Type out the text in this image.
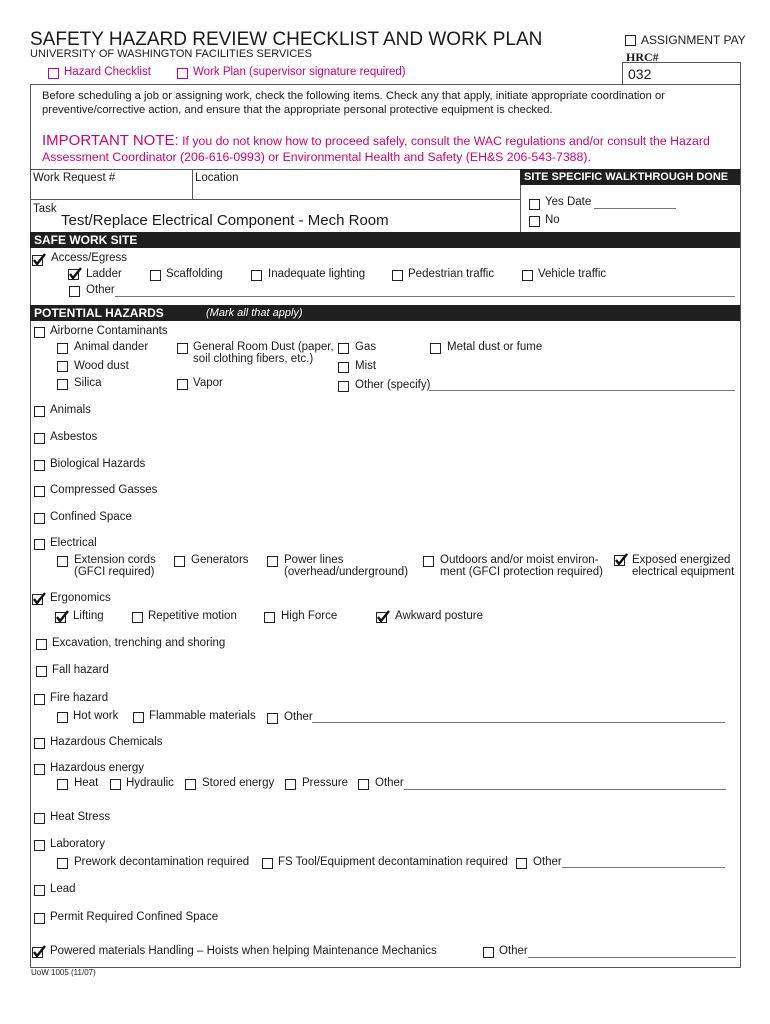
SAFETY HAZARD REVIEW CHECKLIST AND WORK PLAN
UNIVERSITY OF WASHINGTON FACILITIES SERVICES
ASSIGNMENT PAY
HRC#
032
Hazard Checklist	Work Plan (supervisor signature required)
Before scheduling a job or assigning work, check the following items. Check any that apply, initiate appropriate coordination or
preventive/corrective action, and ensure that the appropriate personal protective equipment is checked.
IMPORTANT NOTE: If you do not know how to proceed safely, consult the WAC regulations and/or consult the Hazard
Assessment Coordinator (206-616-0993) or Environmental Health and Safety (EH&S 206-543-7388).
Work Request #	Location	SITE SPECIFIC WALKTHROUGH DONE
Task
Test/Replace Electrical Component - Mech Room
Yes Date
No
SAFE WORK SITE
Access/Egress
Ladder	Scaffolding	Inadequate lighting	Pedestrian traffic	Vehicle traffic
Other
POTENTIAL HAZARDS	(Mark all that apply)
Airborne Contaminants
Animal dander	General Room Dust (paper,
soil clothing fibers, etc.)
Gas	Metal dust or fume
Wood dust	Mist
Silica	Vapor	Other (specify)
Animals
Asbestos
Biological Hazards
Compressed Gasses
Confined Space
Electrical
Extension cords
(GFCI required)
Generators	Power lines
(overhead/underground)
Outdoors and/or moist environ-
ment (GFCI protection required)
Exposed energized
electrical equipment
Ergonomics
Lifting	Repetitive motion	High Force	Awkward posture
Excavation, trenching and shoring
Fall hazard
Fire hazard
Hot work	Flammable materials Other
Hazardous Chemicals
Hazardous energy
Heat Hydraulic Stored energy Pressure Other
Heat Stress
Laboratory
Prework decontamination required	FS Tool/Equipment decontamination required Other
Lead
Permit Required Confined Space
Powered materials Handling – Hoists when helping Maintenance Mechanics	Other
UoW 1005 (11/07)
